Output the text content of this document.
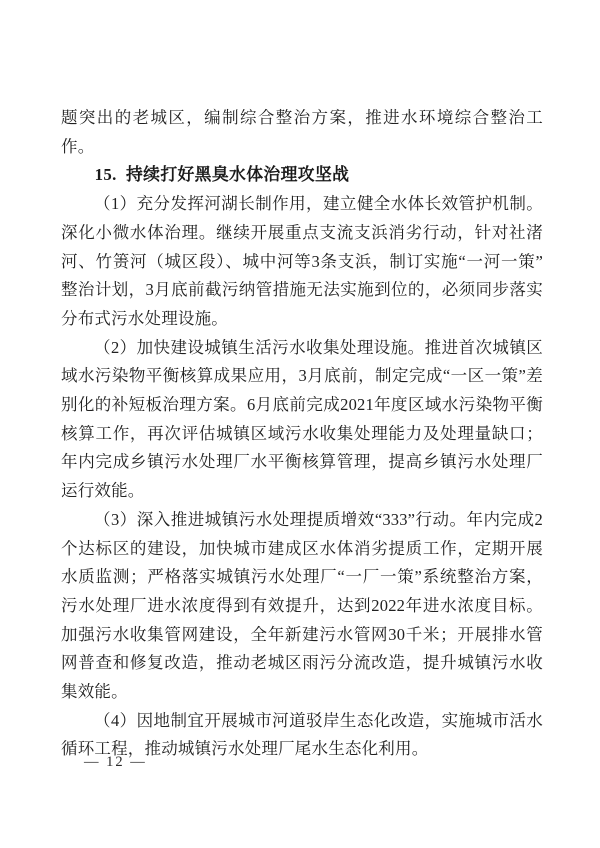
题突出的老城区，编制综合整治方案，推进水环境综合整治工作。

15.  持续打好黑臭水体治理攻坚战

（1）充分发挥河湖长制作用，建立健全水体长效管护机制。深化小微水体治理。继续开展重点支流支浜消劣行动，针对社渚河、竹箦河（城区段）、城中河等3条支浜，制订实施“一河一策”整治计划，3月底前截污纳管措施无法实施到位的，必须同步落实分布式污水处理设施。

（2）加快建设城镇生活污水收集处理设施。推进首次城镇区域水污染物平衡核算成果应用，3月底前，制定完成“一区一策”差别化的补短板治理方案。6月底前完成2021年度区域水污染物平衡核算工作，再次评估城镇区域污水收集处理能力及处理量缺口；年内完成乡镇污水处理厂水平衡核算管理，提高乡镇污水处理厂运行效能。

（3）深入推进城镇污水处理提质增效“333”行动。年内完成2个达标区的建设，加快城市建成区水体消劣提质工作，定期开展水质监测；严格落实城镇污水处理厂“一厂一策”系统整治方案，污水处理厂进水浓度得到有效提升，达到2022年进水浓度目标。加强污水收集管网建设，全年新建污水管网30千米；开展排水管网普查和修复改造，推动老城区雨污分流改造，提升城镇污水收集效能。

（4）因地制宜开展城市河道驳岸生态化改造，实施城市活水循环工程，推动城镇污水处理厂尾水生态化利用。

— 12 —
